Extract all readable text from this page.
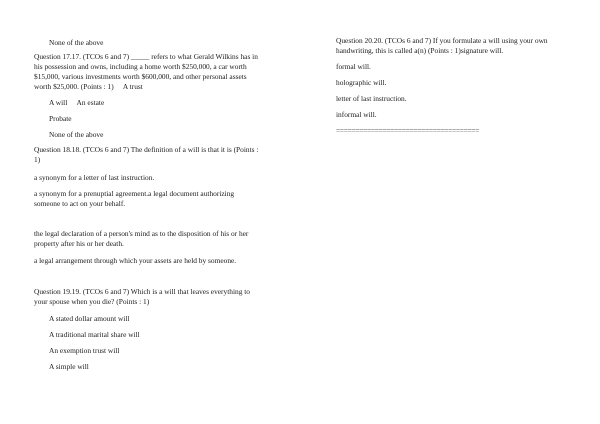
None of the above
Question 17.17. (TCOs 6 and 7) _____ refers to what Gerald Wilkins has in his possession and owns, including a home worth $250,000, a car worth $15,000, various investments worth $600,000, and other personal assets worth $25,000. (Points : 1) A trust
A will An estate
Probate
None of the above
Question 18.18. (TCOs 6 and 7) The definition of a will is that it is (Points : 1)
a synonym for a letter of last instruction.
a synonym for a prenuptial agreement.a legal document authorizing someone to act on your behalf.
the legal declaration of a person's mind as to the disposition of his or her property after his or her death.
a legal arrangement through which your assets are held by someone.
Question 19.19. (TCOs 6 and 7) Which is a will that leaves everything to your spouse when you die? (Points : 1)
A stated dollar amount will
A traditional marital share will
An exemption trust will
A simple will
Question 20.20. (TCOs 6 and 7) If you formulate a will using your own handwriting, this is called a(n) (Points : 1)signature will.
formal will.
holographic will.
letter of last instruction.
informal will.
=====================================
